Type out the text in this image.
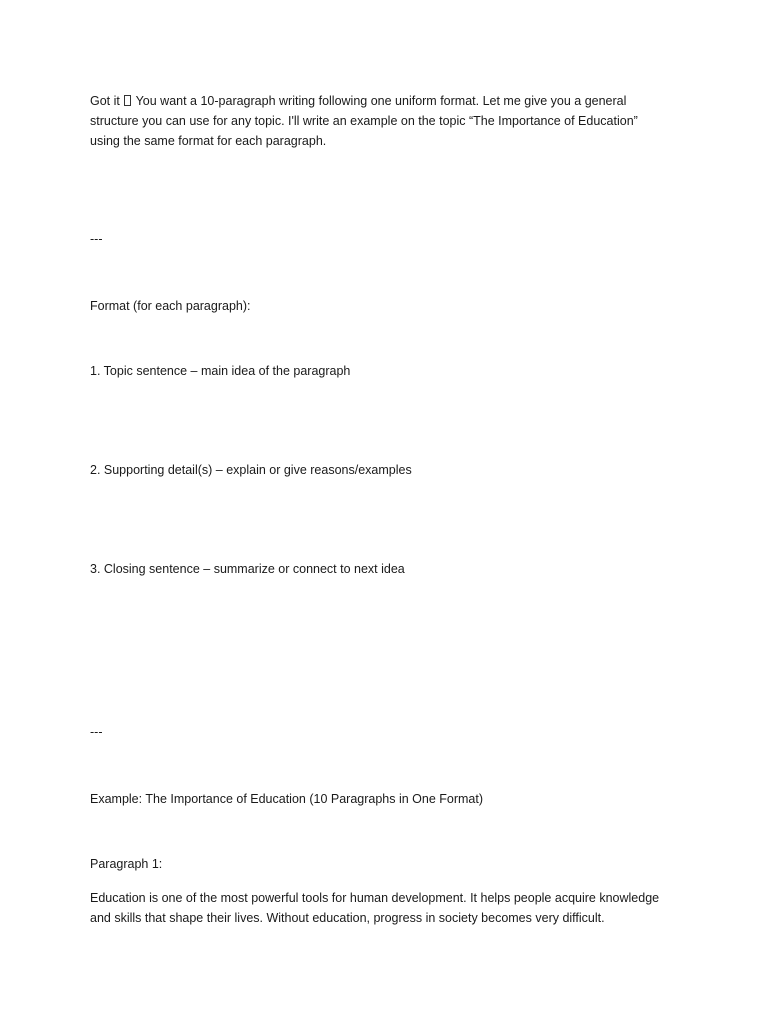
Got it You want a 10-paragraph writing following one uniform format. Let me give you a general
structure you can use for any topic. I'll write an example on the topic “The Importance of Education”
using the same format for each paragraph.
---
Format (for each paragraph):
1. Topic sentence – main idea of the paragraph
2. Supporting detail(s) – explain or give reasons/examples
3. Closing sentence – summarize or connect to next idea
---
Example: The Importance of Education (10 Paragraphs in One Format)
Paragraph 1:
Education is one of the most powerful tools for human development. It helps people acquire knowledge
and skills that shape their lives. Without education, progress in society becomes very difficult.
